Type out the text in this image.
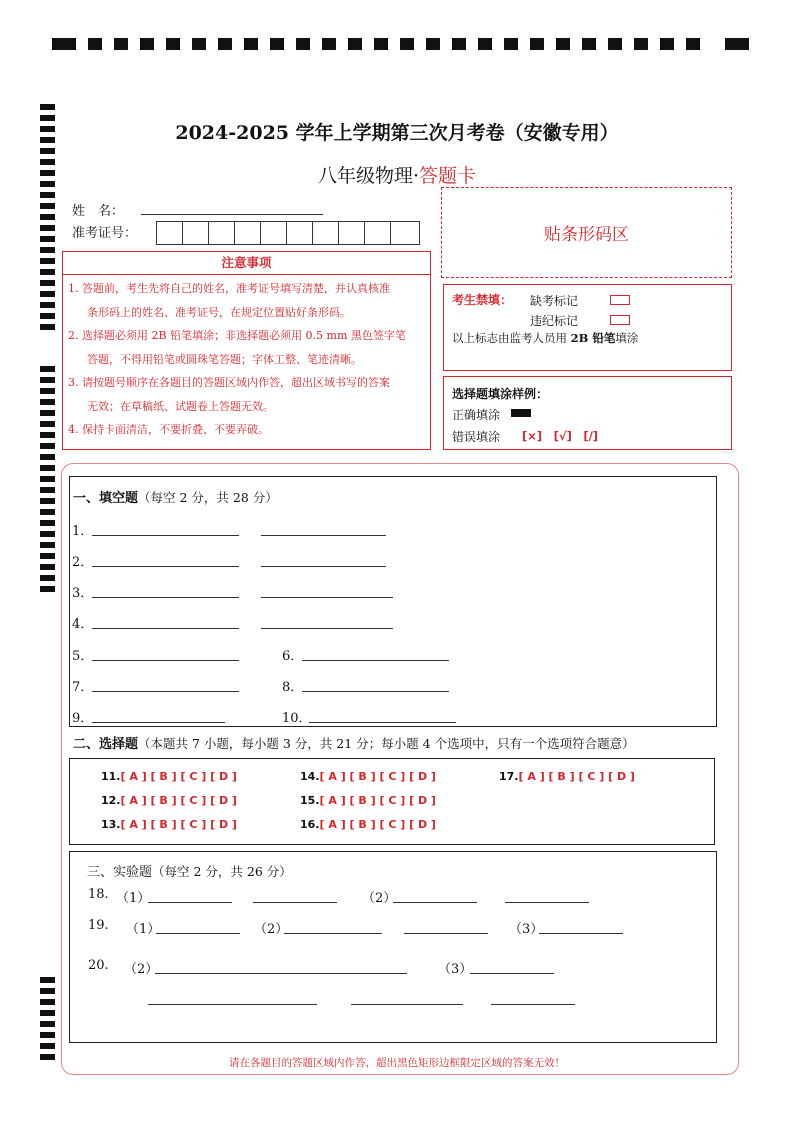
2024-2025 学年上学期第三次月考卷（安徽专用）
八年级物理·答题卡
姓　名：
准考证号：	贴条形码区
注意事项

1. 答题前，考生先将自己的姓名，准考证号填写清楚，并认真核准

条形码上的姓名、准考证号，在规定位置贴好条形码。

2. 选择题必须用 2B 铅笔填涂；非选择题必须用 0.5 mm 黑色签字笔

答题，不得用铅笔或圆珠笔答题；字体工整、笔迹清晰。

3. 请按题号顺序在各题目的答题区域内作答，超出区域书写的答案

无效；在草稿纸、试题卷上答题无效。

4. 保持卡面清洁，不要折叠、不要弄破。

考生禁填： 缺考标记
违纪标记
以上标志由监考人员用 2B 铅笔填涂
选择题填涂样例：
正确填涂
错误填涂 [×]　[√]　[/]
一、填空题（每空 2 分，共 28 分）
1．
2．
3．
4．
5．	6．
7．	8．
9．	10．
二、选择题（本题共 7 小题，每小题 3 分，共 21 分；每小题 4 个选项中，只有一个选项符合题意）
11.[ A ] [ B ] [ C ] [ D ]
12.[ A ] [ B ] [ C ] [ D ]
13.[ A ] [ B ] [ C ] [ D ]
14.[ A ] [ B ] [ C ] [ D ]
15.[ A ] [ B ] [ C ] [ D ]
16.[ A ] [ B ] [ C ] [ D ]
17.[ A ] [ B ] [ C ] [ D ]
三、实验题（每空 2 分，共 26 分）
18. （1）	（2）
19. （1）	（2）	（3）
20. （2）	（3）
请在各题目的答题区域内作答，超出黑色矩形边框限定区域的答案无效！
